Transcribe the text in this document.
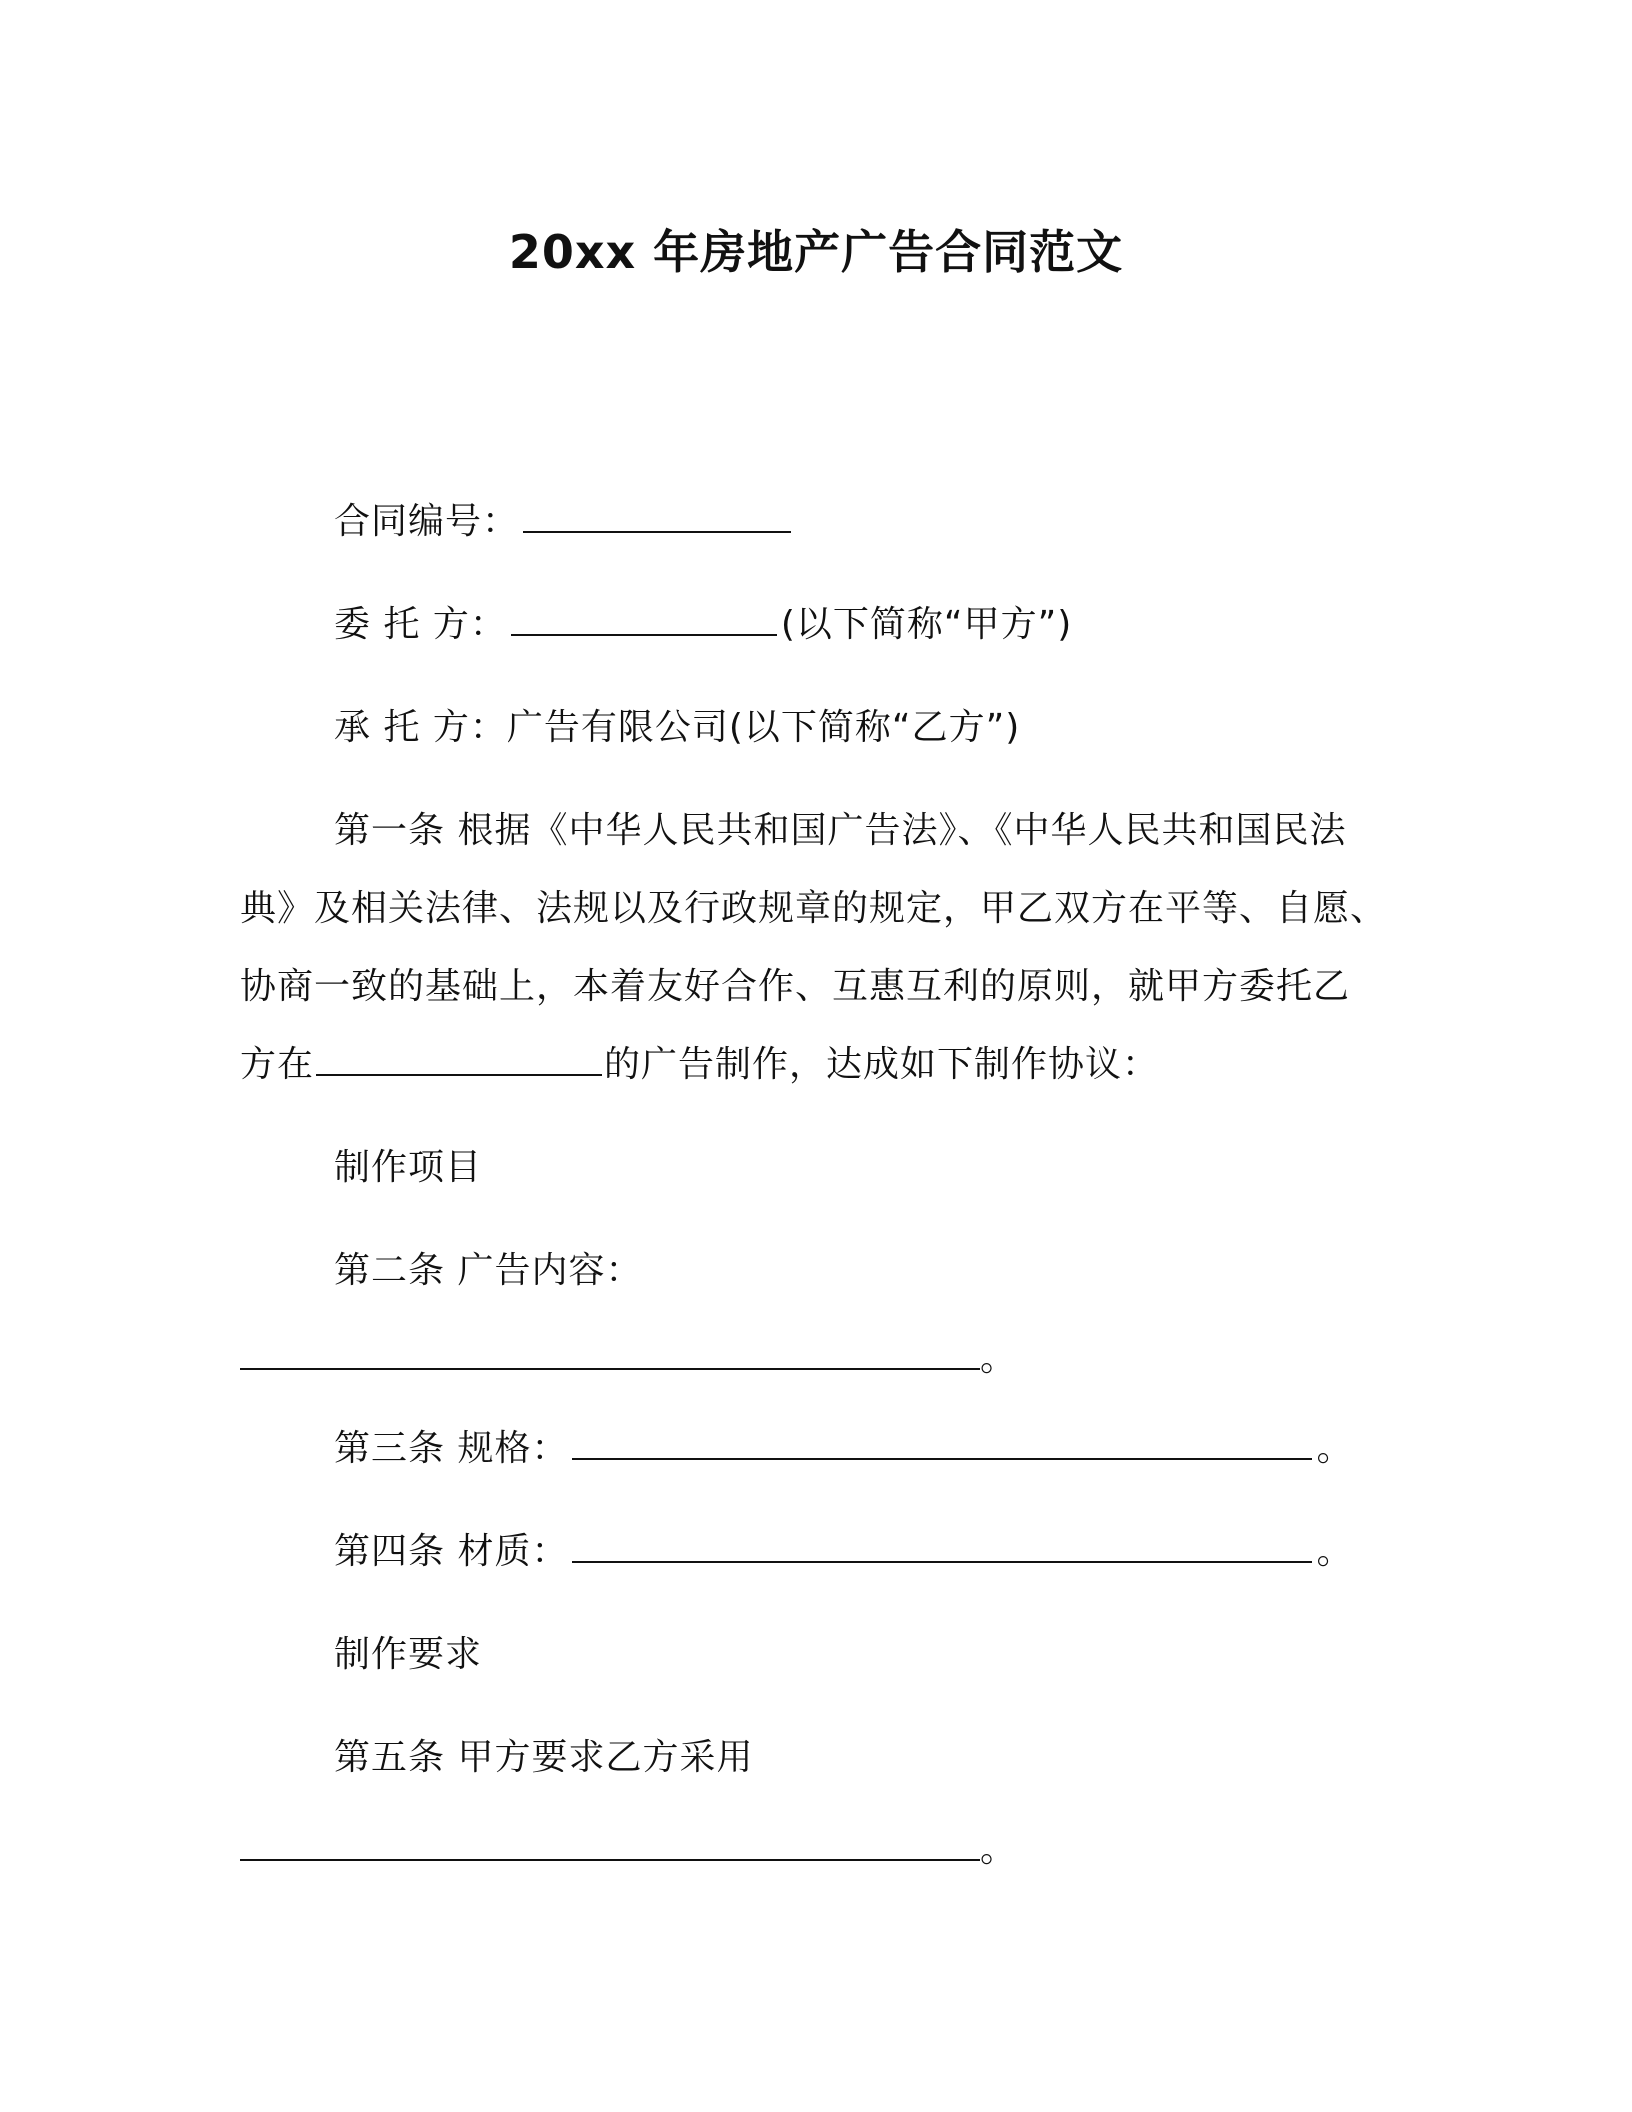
20xx 年房地产广告合同范文
合同编号：
委 托 方：	(以下简称“甲方”)
承 托 方：广告有限公司(以下简称“乙方”)
第一条 根据《中华人民共和国广告法》、《中华人民共和国民法
典》及相关法律、法规以及行政规章的规定，甲乙双方在平等、自愿、
协商一致的基础上，本着友好合作、互惠互利的原则，就甲方委托乙
方在	的广告制作，达成如下制作协议：
制作项目
第二条 广告内容：
。
第三条 规格：	。
第四条 材质：	。
制作要求
第五条 甲方要求乙方采用
。
